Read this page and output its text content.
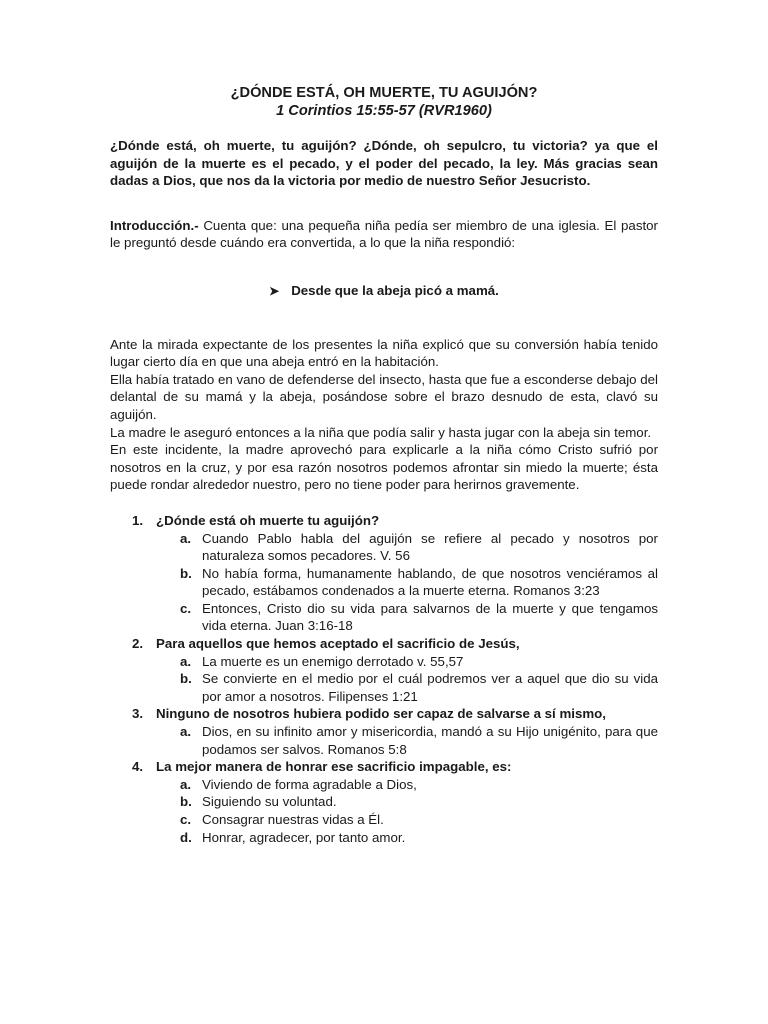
¿DÓNDE ESTÁ, OH MUERTE, TU AGUIJÓN?

1 Corintios 15:55-57 (RVR1960)

¿Dónde está, oh muerte, tu aguijón? ¿Dónde, oh sepulcro, tu victoria? ya que el aguijón de la muerte es el pecado, y el poder del pecado, la ley. Más gracias sean dadas a Dios, que nos da la victoria por medio de nuestro Señor Jesucristo.

Introducción.- Cuenta que: una pequeña niña pedía ser miembro de una iglesia. El pastor le preguntó desde cuándo era convertida, a lo que la niña respondió:

➤ Desde que la abeja picó a mamá.

Ante la mirada expectante de los presentes la niña explicó que su conversión había tenido lugar cierto día en que una abeja entró en la habitación.

Ella había tratado en vano de defenderse del insecto, hasta que fue a esconderse debajo del delantal de su mamá y la abeja, posándose sobre el brazo desnudo de esta, clavó su aguijón.

La madre le aseguró entonces a la niña que podía salir y hasta jugar con la abeja sin temor.

En este incidente, la madre aprovechó para explicarle a la niña cómo Cristo sufrió por nosotros en la cruz, y por esa razón nosotros podemos afrontar sin miedo la muerte; ésta puede rondar alrededor nuestro, pero no tiene poder para herirnos gravemente.

1. ¿Dónde está oh muerte tu aguijón?
a. Cuando Pablo habla del aguijón se refiere al pecado y nosotros por naturaleza somos pecadores. V. 56
b. No había forma, humanamente hablando, de que nosotros venciéramos al pecado, estábamos condenados a la muerte eterna. Romanos 3:23
c. Entonces, Cristo dio su vida para salvarnos de la muerte y que tengamos vida eterna. Juan 3:16-18
2. Para aquellos que hemos aceptado el sacrificio de Jesús,
a. La muerte es un enemigo derrotado v. 55,57
b. Se convierte en el medio por el cuál podremos ver a aquel que dio su vida por amor a nosotros. Filipenses 1:21
3. Ninguno de nosotros hubiera podido ser capaz de salvarse a sí mismo,
a. Dios, en su infinito amor y misericordia, mandó a su Hijo unigénito, para que podamos ser salvos. Romanos 5:8
4. La mejor manera de honrar ese sacrificio impagable, es:
a. Viviendo de forma agradable a Dios,
b. Siguiendo su voluntad.
c. Consagrar nuestras vidas a Él.
d. Honrar, agradecer, por tanto amor.
